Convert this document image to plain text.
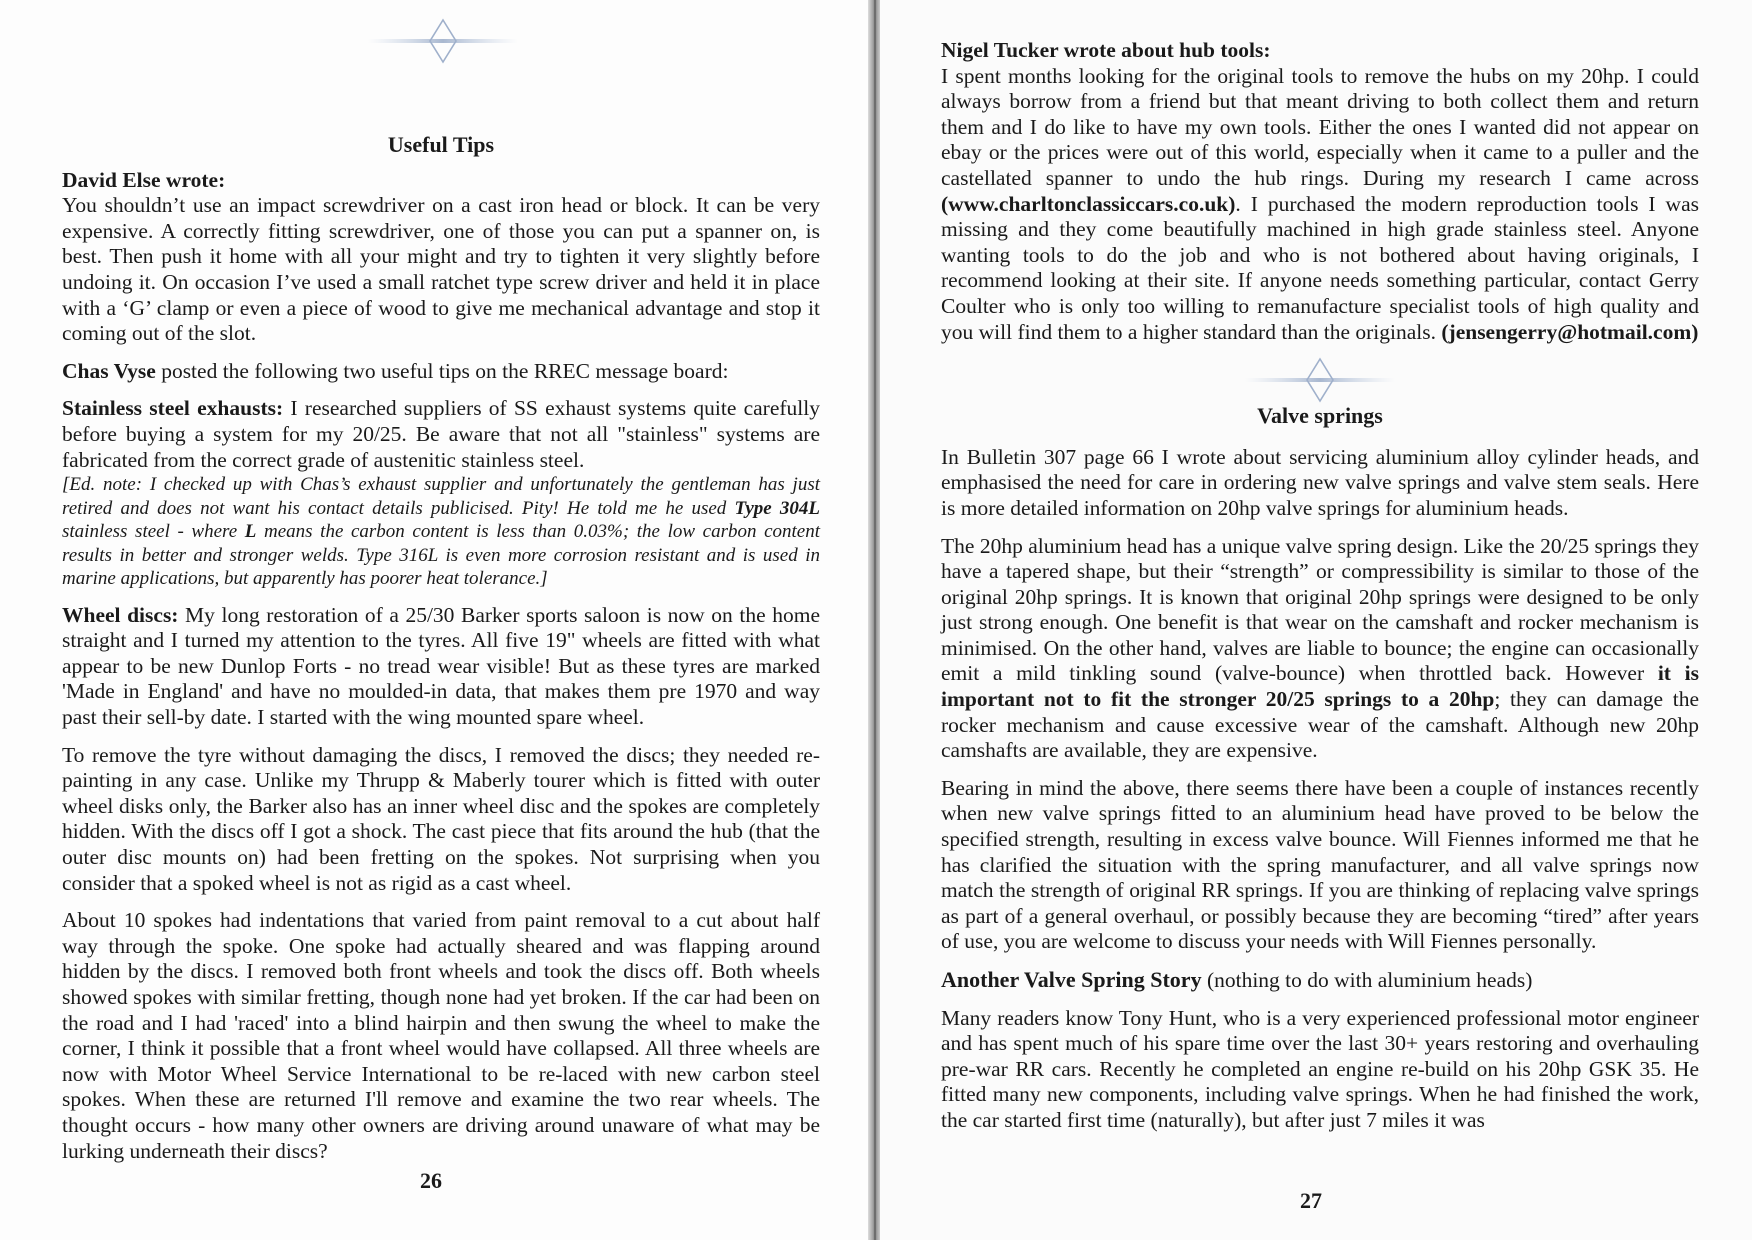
Useful Tips

David Else wrote:
You shouldn’t use an impact screwdriver on a cast iron head or block. It can be very expensive. A correctly fitting screwdriver, one of those you can put a spanner on, is best. Then push it home with all your might and try to tighten it very slightly before undoing it. On occasion I’ve used a small ratchet type screw driver and held it in place with a ‘G’ clamp or even a piece of wood to give me mechanical advantage and stop it coming out of the slot.

Chas Vyse posted the following two useful tips on the RREC message board:

Stainless steel exhausts: I researched suppliers of SS exhaust systems quite carefully before buying a system for my 20/25. Be aware that not all "stainless" systems are fabricated from the correct grade of austenitic stainless steel.

[Ed. note: I checked up with Chas’s exhaust supplier and unfortunately the gentleman has just retired and does not want his contact details publicised. Pity! He told me he used Type 304L stainless steel - where L means the carbon content is less than 0.03%; the low carbon content results in better and stronger welds. Type 316L is even more corrosion resistant and is used in marine applications, but apparently has poorer heat tolerance.]

Wheel discs: My long restoration of a 25/30 Barker sports saloon is now on the home straight and I turned my attention to the tyres. All five 19" wheels are fitted with what appear to be new Dunlop Forts - no tread wear visible! But as these tyres are marked 'Made in England' and have no moulded-in data, that makes them pre 1970 and way past their sell-by date. I started with the wing mounted spare wheel.

To remove the tyre without damaging the discs, I removed the discs; they needed re-painting in any case. Unlike my Thrupp & Maberly tourer which is fitted with outer wheel disks only, the Barker also has an inner wheel disc and the spokes are completely hidden. With the discs off I got a shock. The cast piece that fits around the hub (that the outer disc mounts on) had been fretting on the spokes. Not surprising when you consider that a spoked wheel is not as rigid as a cast wheel.

About 10 spokes had indentations that varied from paint removal to a cut about half way through the spoke. One spoke had actually sheared and was flapping around hidden by the discs. I removed both front wheels and took the discs off. Both wheels showed spokes with similar fretting, though none had yet broken. If the car had been on the road and I had 'raced' into a blind hairpin and then swung the wheel to make the corner, I think it possible that a front wheel would have collapsed. All three wheels are now with Motor Wheel Service International to be re-laced with new carbon steel spokes. When these are returned I'll remove and examine the two rear wheels. The thought occurs - how many other owners are driving around unaware of what may be lurking underneath their discs?

26

Nigel Tucker wrote about hub tools:
I spent months looking for the original tools to remove the hubs on my 20hp. I could always borrow from a friend but that meant driving to both collect them and return them and I do like to have my own tools. Either the ones I wanted did not appear on ebay or the prices were out of this world, especially when it came to a puller and the castellated spanner to undo the hub rings. During my research I came across (www.charltonclassiccars.co.uk). I purchased the modern reproduction tools I was missing and they come beautifully machined in high grade stainless steel. Anyone wanting tools to do the job and who is not bothered about having originals, I recommend looking at their site. If anyone needs something particular, contact Gerry Coulter who is only too willing to remanufacture specialist tools of high quality and you will find them to a higher standard than the originals. (jensengerry@hotmail.com)

Valve springs

In Bulletin 307 page 66 I wrote about servicing aluminium alloy cylinder heads, and emphasised the need for care in ordering new valve springs and valve stem seals. Here is more detailed information on 20hp valve springs for aluminium heads.

The 20hp aluminium head has a unique valve spring design. Like the 20/25 springs they have a tapered shape, but their “strength” or compressibility is similar to those of the original 20hp springs. It is known that original 20hp springs were designed to be only just strong enough. One benefit is that wear on the camshaft and rocker mechanism is minimised. On the other hand, valves are liable to bounce; the engine can occasionally emit a mild tinkling sound (valve-bounce) when throttled back. However it is important not to fit the stronger 20/25 springs to a 20hp; they can damage the rocker mechanism and cause excessive wear of the camshaft. Although new 20hp camshafts are available, they are expensive.

Bearing in mind the above, there seems there have been a couple of instances recently when new valve springs fitted to an aluminium head have proved to be below the specified strength, resulting in excess valve bounce. Will Fiennes informed me that he has clarified the situation with the spring manufacturer, and all valve springs now match the strength of original RR springs. If you are thinking of replacing valve springs as part of a general overhaul, or possibly because they are becoming “tired” after years of use, you are welcome to discuss your needs with Will Fiennes personally.

Another Valve Spring Story (nothing to do with aluminium heads)

Many readers know Tony Hunt, who is a very experienced professional motor engineer and has spent much of his spare time over the last 30+ years restoring and overhauling pre-war RR cars. Recently he completed an engine re-build on his 20hp GSK 35. He fitted many new components, including valve springs. When he had finished the work, the car started first time (naturally), but after just 7 miles it was

27
